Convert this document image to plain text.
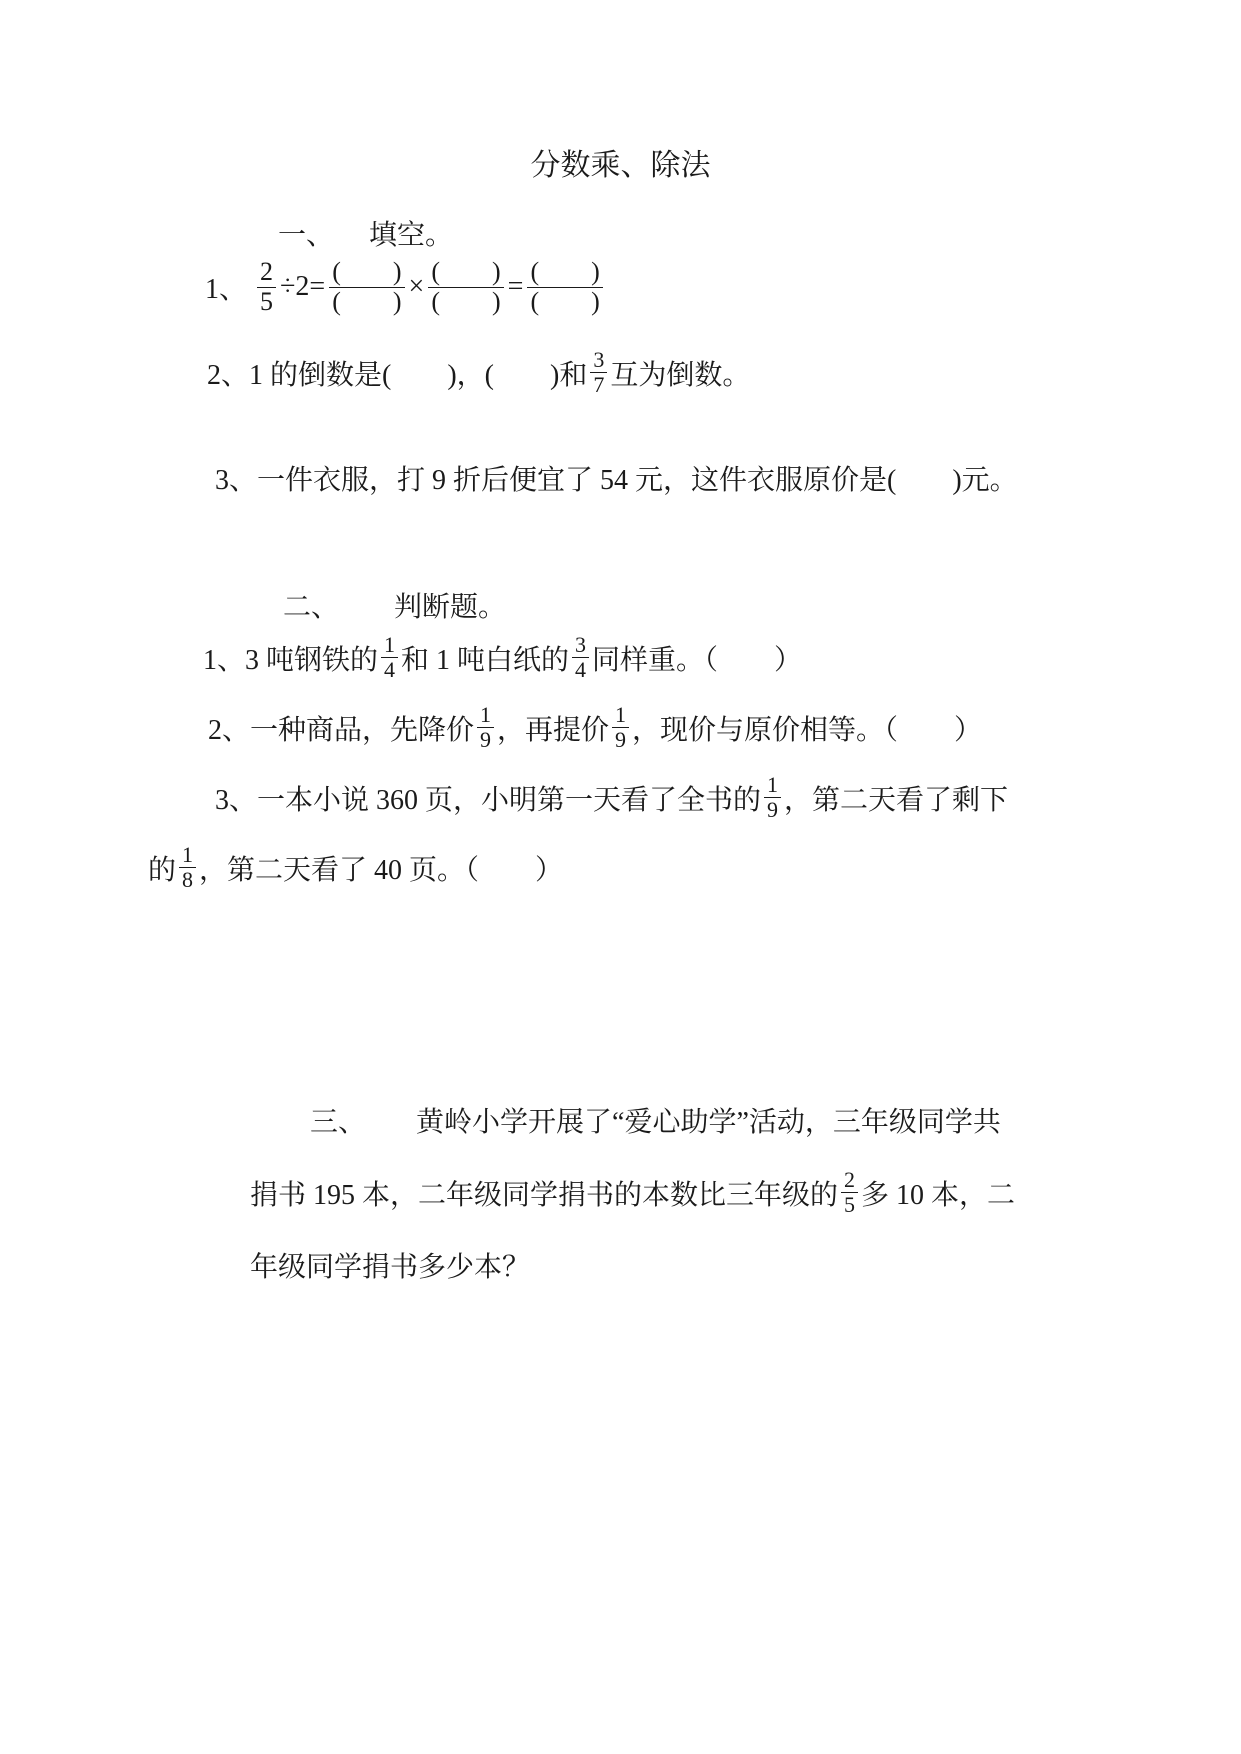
分数乘、除法
一、 填空。
1、 $\frac{2}{5} \div 2= \frac{( )}{( )} \times \frac{( )}{( )} = \frac{( )}{( )}$
2、 1 的倒数是(　　)，(　　)和 $\frac{3}{7}$ 互为倒数。
3、 一件衣服，打 9 折后便宜了 54 元，这件衣服原价是(　　)元。
二、 判断题。
1、 3 吨钢铁的 $\frac{1}{4}$ 和 1 吨白纸的 $\frac{3}{4}$ 同样重。（　　）
2、 一种商品，先降价 $\frac{1}{9}$ ，再提价 $\frac{1}{9}$ ，现价与原价相等。（　　）
3、 一本小说 360 页，小明第一天看了全书的 $\frac{1}{9}$ ，第二天看了剩下
的 $\frac{1}{8}$ ，第二天看了 40 页。（　　）
三、 黄岭小学开展了“爱心助学”活动，三年级同学共
捐书 195 本，二年级同学捐书的本数比三年级的 $\frac{2}{5}$ 多 10 本，二
年级同学捐书多少本？
